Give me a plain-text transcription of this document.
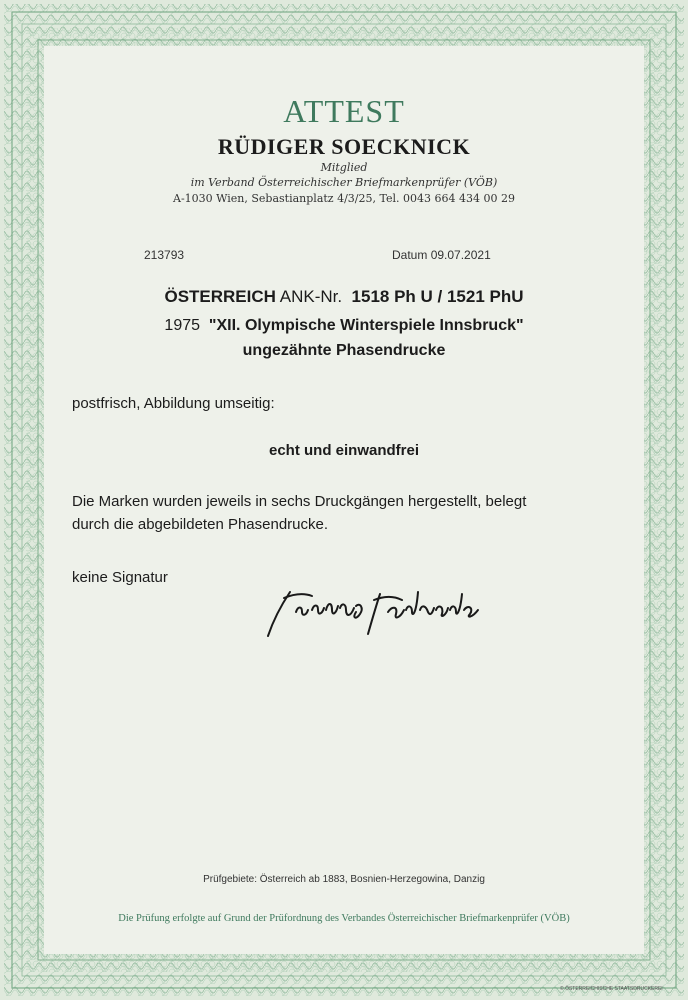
ATTEST

RÜDIGER SOECKNICK

Mitglied

im Verband Österreichischer Briefmarkenprüfer (VÖB)

A-1030 Wien, Sebastianplatz 4/3/25, Tel. 0043 664 434 00 29

213793	Datum 09.07.2021

ÖSTERREICH ANK-Nr. 1518 Ph U / 1521 PhU

1975 "XII. Olympische Winterspiele Innsbruck"

ungezähnte Phasendrucke

postfrisch, Abbildung umseitig:

echt und einwandfrei

Die Marken wurden jeweils in sechs Druckgängen hergestellt, belegt

durch die abgebildeten Phasendrucke.

keine Signatur

Prüfgebiete: Österreich ab 1883, Bosnien-Herzegowina, Danzig

Die Prüfung erfolgte auf Grund der Prüfordnung des Verbandes Österreichischer Briefmarkenprüfer (VÖB)

© ÖSTERREICHISCHE STAATSDRUCKEREI
